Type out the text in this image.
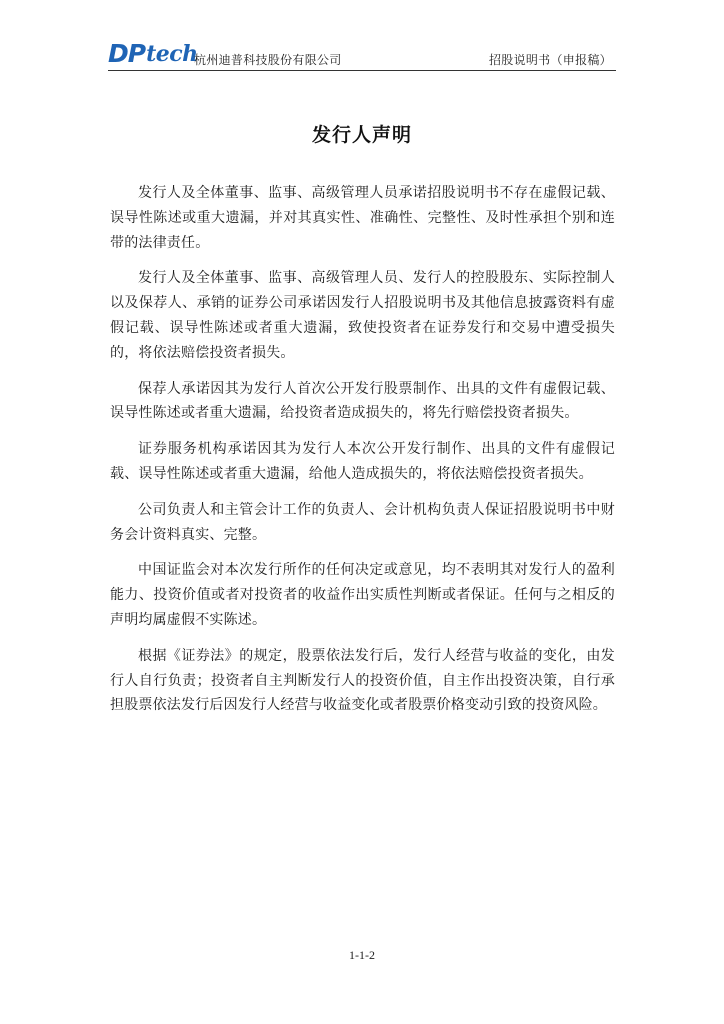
DP tech
杭州迪普科技股份有限公司	招股说明书（申报稿）
发行人声明

发行人及全体董事、监事、高级管理人员承诺招股说明书不存在虚假记载、误导性陈述或重大遗漏，并对其真实性、准确性、完整性、及时性承担个别和连带的法律责任。

发行人及全体董事、监事、高级管理人员、发行人的控股股东、实际控制人以及保荐人、承销的证券公司承诺因发行人招股说明书及其他信息披露资料有虚假记载、误导性陈述或者重大遗漏，致使投资者在证券发行和交易中遭受损失的，将依法赔偿投资者损失。

保荐人承诺因其为发行人首次公开发行股票制作、出具的文件有虚假记载、误导性陈述或者重大遗漏，给投资者造成损失的，将先行赔偿投资者损失。

证券服务机构承诺因其为发行人本次公开发行制作、出具的文件有虚假记载、误导性陈述或者重大遗漏，给他人造成损失的，将依法赔偿投资者损失。

公司负责人和主管会计工作的负责人、会计机构负责人保证招股说明书中财务会计资料真实、完整。

中国证监会对本次发行所作的任何决定或意见，均不表明其对发行人的盈利能力、投资价值或者对投资者的收益作出实质性判断或者保证。任何与之相反的声明均属虚假不实陈述。

根据《证券法》的规定，股票依法发行后，发行人经营与收益的变化，由发行人自行负责；投资者自主判断发行人的投资价值，自主作出投资决策，自行承担股票依法发行后因发行人经营与收益变化或者股票价格变动引致的投资风险。

1-1-2
